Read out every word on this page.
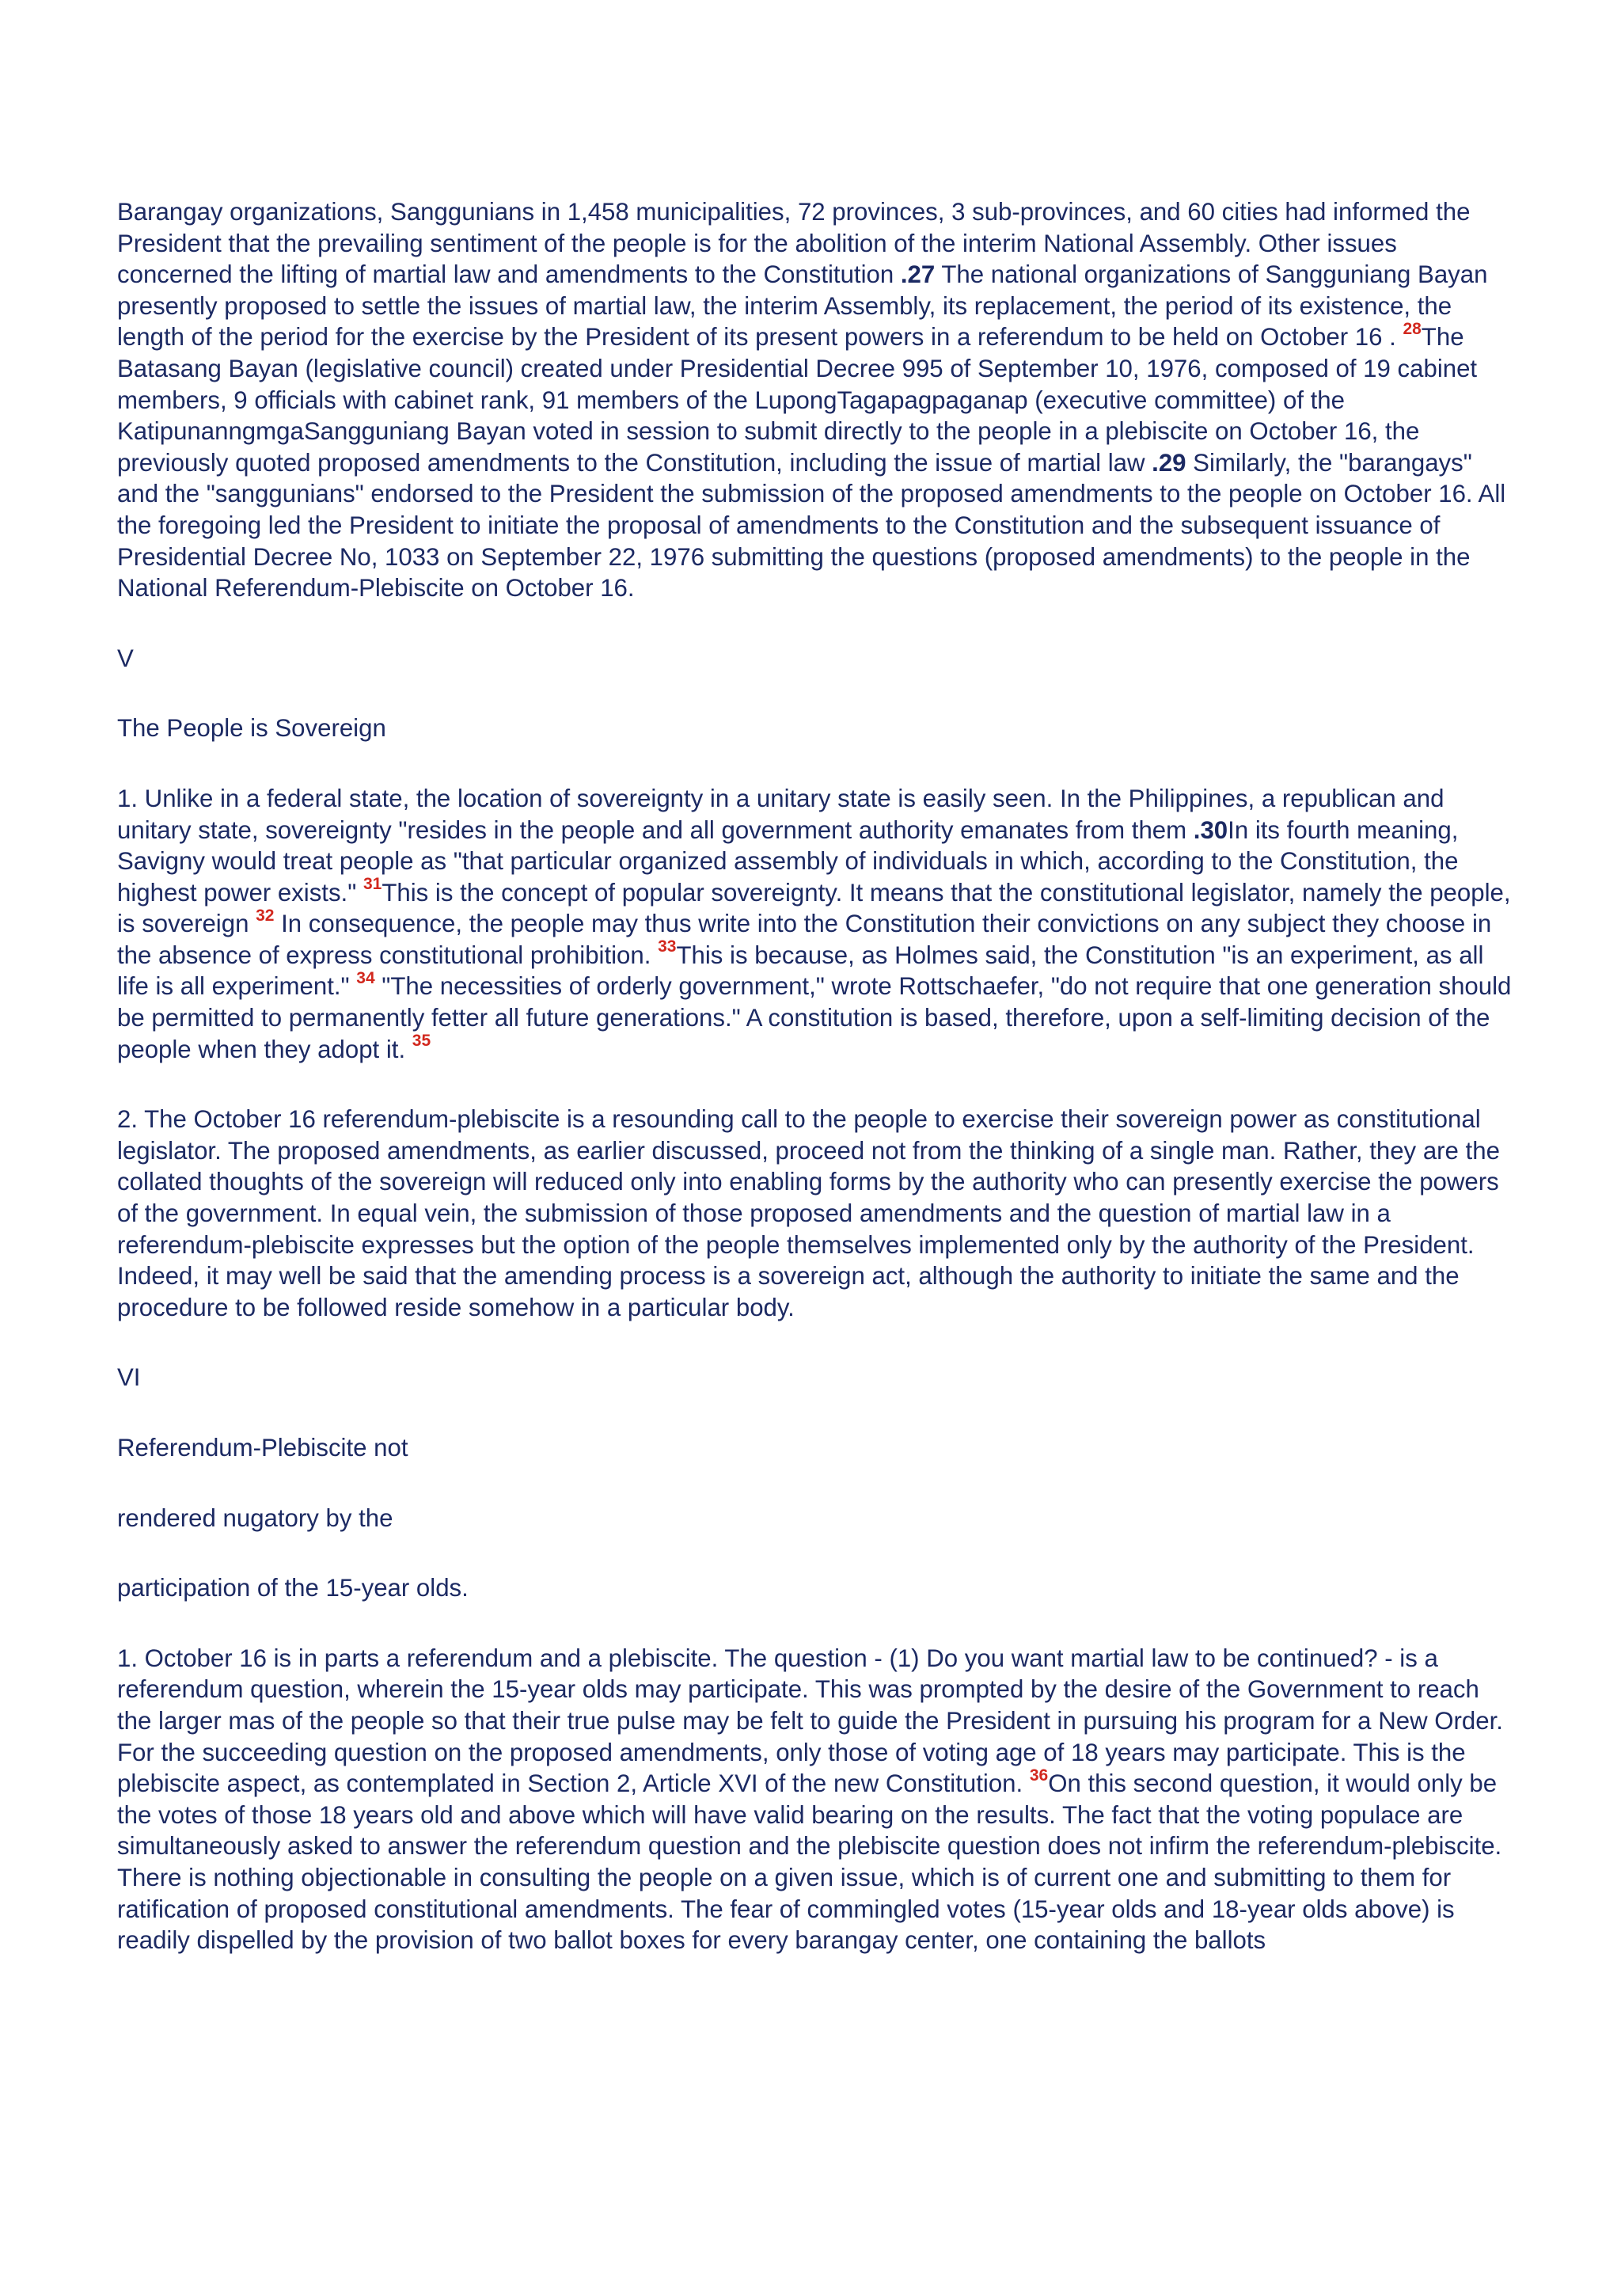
Barangay organizations, Sanggunians in 1,458 municipalities, 72 provinces, 3 sub-provinces, and 60 cities had informed the President that the prevailing sentiment of the people is for the abolition of the interim National Assembly. Other issues concerned the lifting of martial law and amendments to the Constitution .27 The national organizations of Sangguniang Bayan presently proposed to settle the issues of martial law, the interim Assembly, its replacement, the period of its existence, the length of the period for the exercise by the President of its present powers in a referendum to be held on October 16 . $^{28}$The Batasang Bayan (legislative council) created under Presidential Decree 995 of September 10, 1976, composed of 19 cabinet members, 9 officials with cabinet rank, 91 members of the LupongTagapagpaganap (executive committee) of the KatipunanngmgaSangguniang Bayan voted in session to submit directly to the people in a plebiscite on October 16, the previously quoted proposed amendments to the Constitution, including the issue of martial law .29 Similarly, the "barangays" and the "sanggunians" endorsed to the President the submission of the proposed amendments to the people on October 16. All the foregoing led the President to initiate the proposal of amendments to the Constitution and the subsequent issuance of Presidential Decree No, 1033 on September 22, 1976 submitting the questions (proposed amendments) to the people in the National Referendum-Plebiscite on October 16.

V

The People is Sovereign

1. Unlike in a federal state, the location of sovereignty in a unitary state is easily seen. In the Philippines, a republican and unitary state, sovereignty "resides in the people and all government authority emanates from them .30In its fourth meaning, Savigny would treat people as "that particular organized assembly of individuals in which, according to the Constitution, the highest power exists." $^{31}$This is the concept of popular sovereignty. It means that the constitutional legislator, namely the people, is sovereign $^{32}$ In consequence, the people may thus write into the Constitution their convictions on any subject they choose in the absence of express constitutional prohibition. $^{33}$This is because, as Holmes said, the Constitution "is an experiment, as all life is all experiment." $^{34}$ "The necessities of orderly government," wrote Rottschaefer, "do not require that one generation should be permitted to permanently fetter all future generations." A constitution is based, therefore, upon a self-limiting decision of the people when they adopt it. $^{35}$

2. The October 16 referendum-plebiscite is a resounding call to the people to exercise their sovereign power as constitutional legislator. The proposed amendments, as earlier discussed, proceed not from the thinking of a single man. Rather, they are the collated thoughts of the sovereign will reduced only into enabling forms by the authority who can presently exercise the powers of the government. In equal vein, the submission of those proposed amendments and the question of martial law in a referendum-plebiscite expresses but the option of the people themselves implemented only by the authority of the President. Indeed, it may well be said that the amending process is a sovereign act, although the authority to initiate the same and the procedure to be followed reside somehow in a particular body.

VI

Referendum-Plebiscite not

rendered nugatory by the

participation of the 15-year olds.

1. October 16 is in parts a referendum and a plebiscite. The question - (1) Do you want martial law to be continued? - is a referendum question, wherein the 15-year olds may participate. This was prompted by the desire of the Government to reach the larger mas of the people so that their true pulse may be felt to guide the President in pursuing his program for a New Order. For the succeeding question on the proposed amendments, only those of voting age of 18 years may participate. This is the plebiscite aspect, as contemplated in Section 2, Article XVI of the new Constitution. $^{36}$On this second question, it would only be the votes of those 18 years old and above which will have valid bearing on the results. The fact that the voting populace are simultaneously asked to answer the referendum question and the plebiscite question does not infirm the referendum-plebiscite. There is nothing objectionable in consulting the people on a given issue, which is of current one and submitting to them for ratification of proposed constitutional amendments. The fear of commingled votes (15-year olds and 18-year olds above) is readily dispelled by the provision of two ballot boxes for every barangay center, one containing the ballots
